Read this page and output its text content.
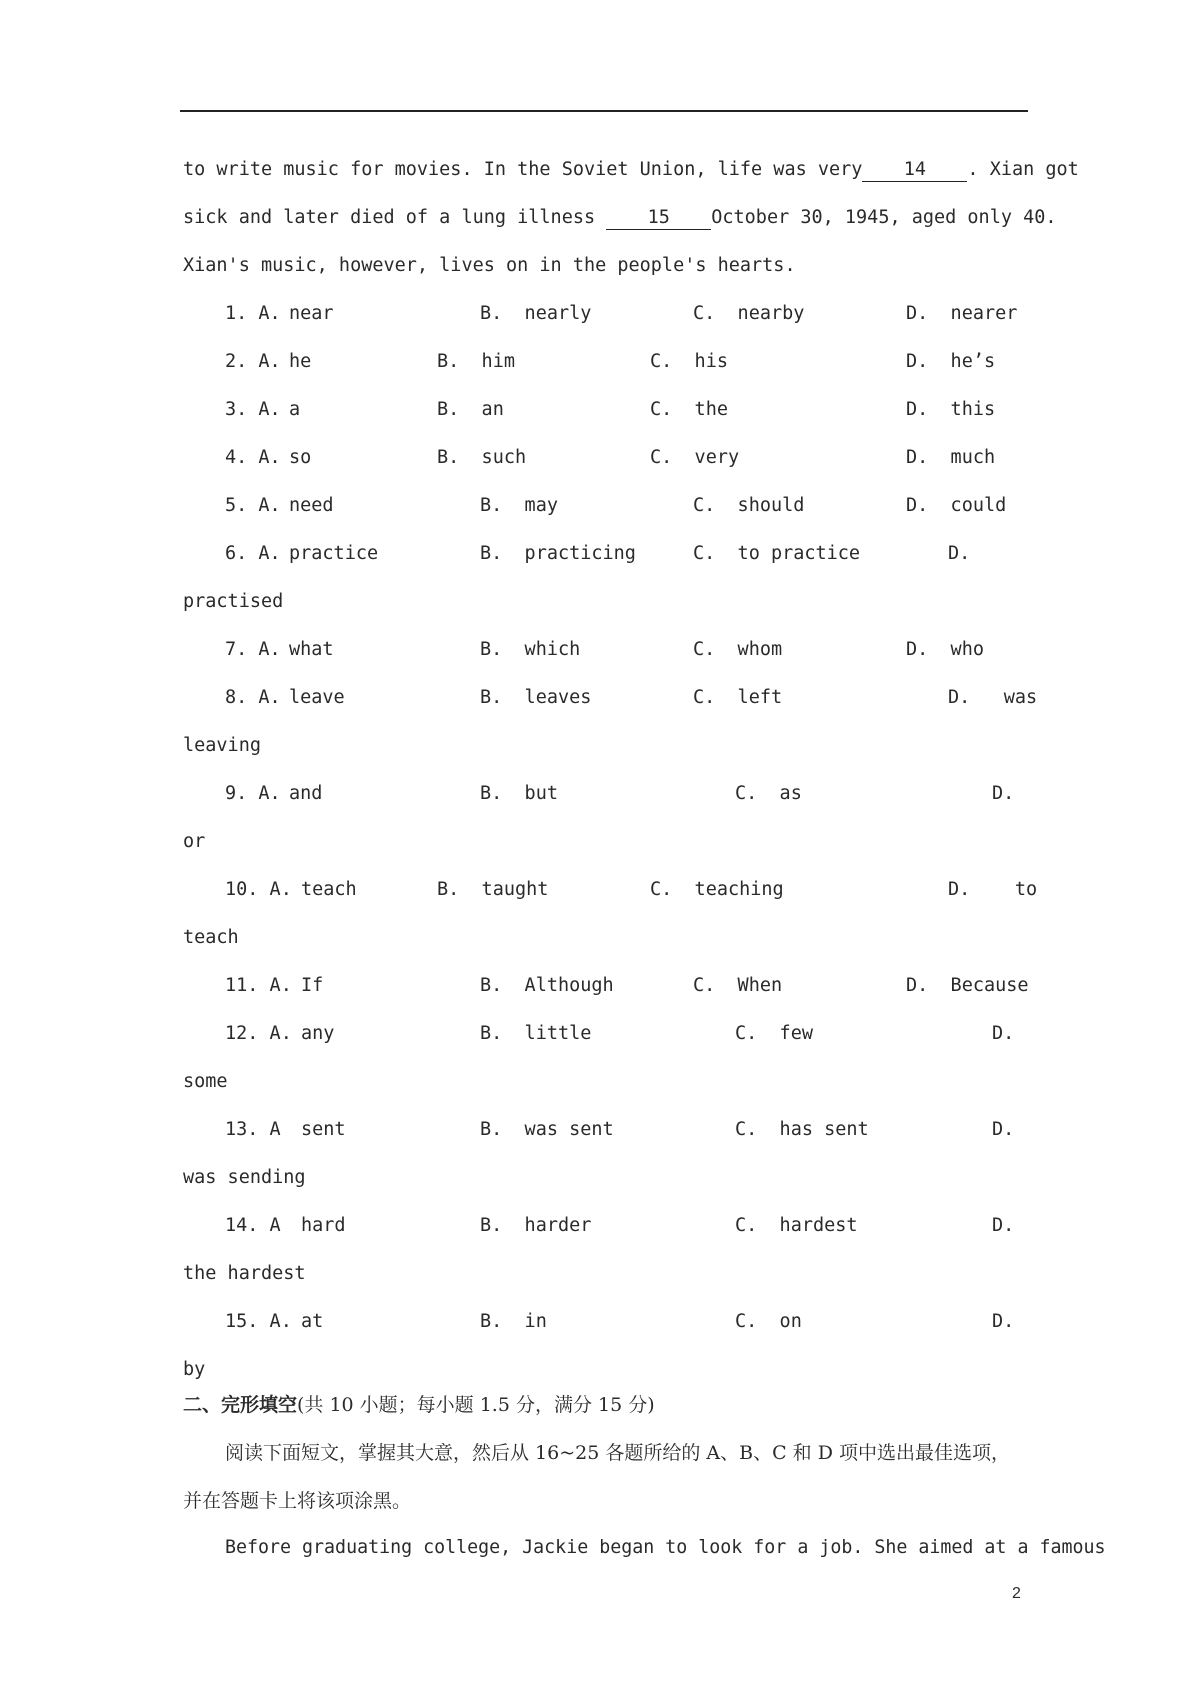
to write music for movies. In the Soviet Union, life was very 14 . Xian got
sick and later died of a lung illness 15 October 30, 1945, aged only 40.
Xian's music, however, lives on in the people's hearts.
1. A. near	B.  nearly	C.  nearby	D.  nearer
2. A. he	B.  him	C.  his	D.  he’s
3. A. a	B.  an	C.  the	D.  this
4. A. so	B.  such	C.  very	D.  much
5. A. need	B.  may	C.  should	D.  could
6. A. practice	B.  practicing	C.  to practice	D.
practised
7. A. what	B.  which	C.  whom	D.  who
8. A. leave	B.  leaves	C.  left	D.   was
leaving
9. A. and	B.  but	C.  as	D.
or
10. A. teach	B.  taught	C.  teaching	D.    to
teach
11. A. If	B.  Although	C.  When	D.  Because
12. A. any	B.  little	C.  few	D.
some
13. A sent	B.  was sent	C.  has sent	D.
was sending
14. A hard	B.  harder	C.  hardest	D.
the hardest
15. A. at	B.  in	C.  on	D.
by
二、完形填空(共 10 小题；每小题 1.5 分，满分 15 分)
阅读下面短文，掌握其大意，然后从 16~25 各题所给的 A、B、C 和 D 项中选出最佳选项，
并在答题卡上将该项涂黑。
Before graduating college, Jackie began to look for a job. She aimed at a famous
2
